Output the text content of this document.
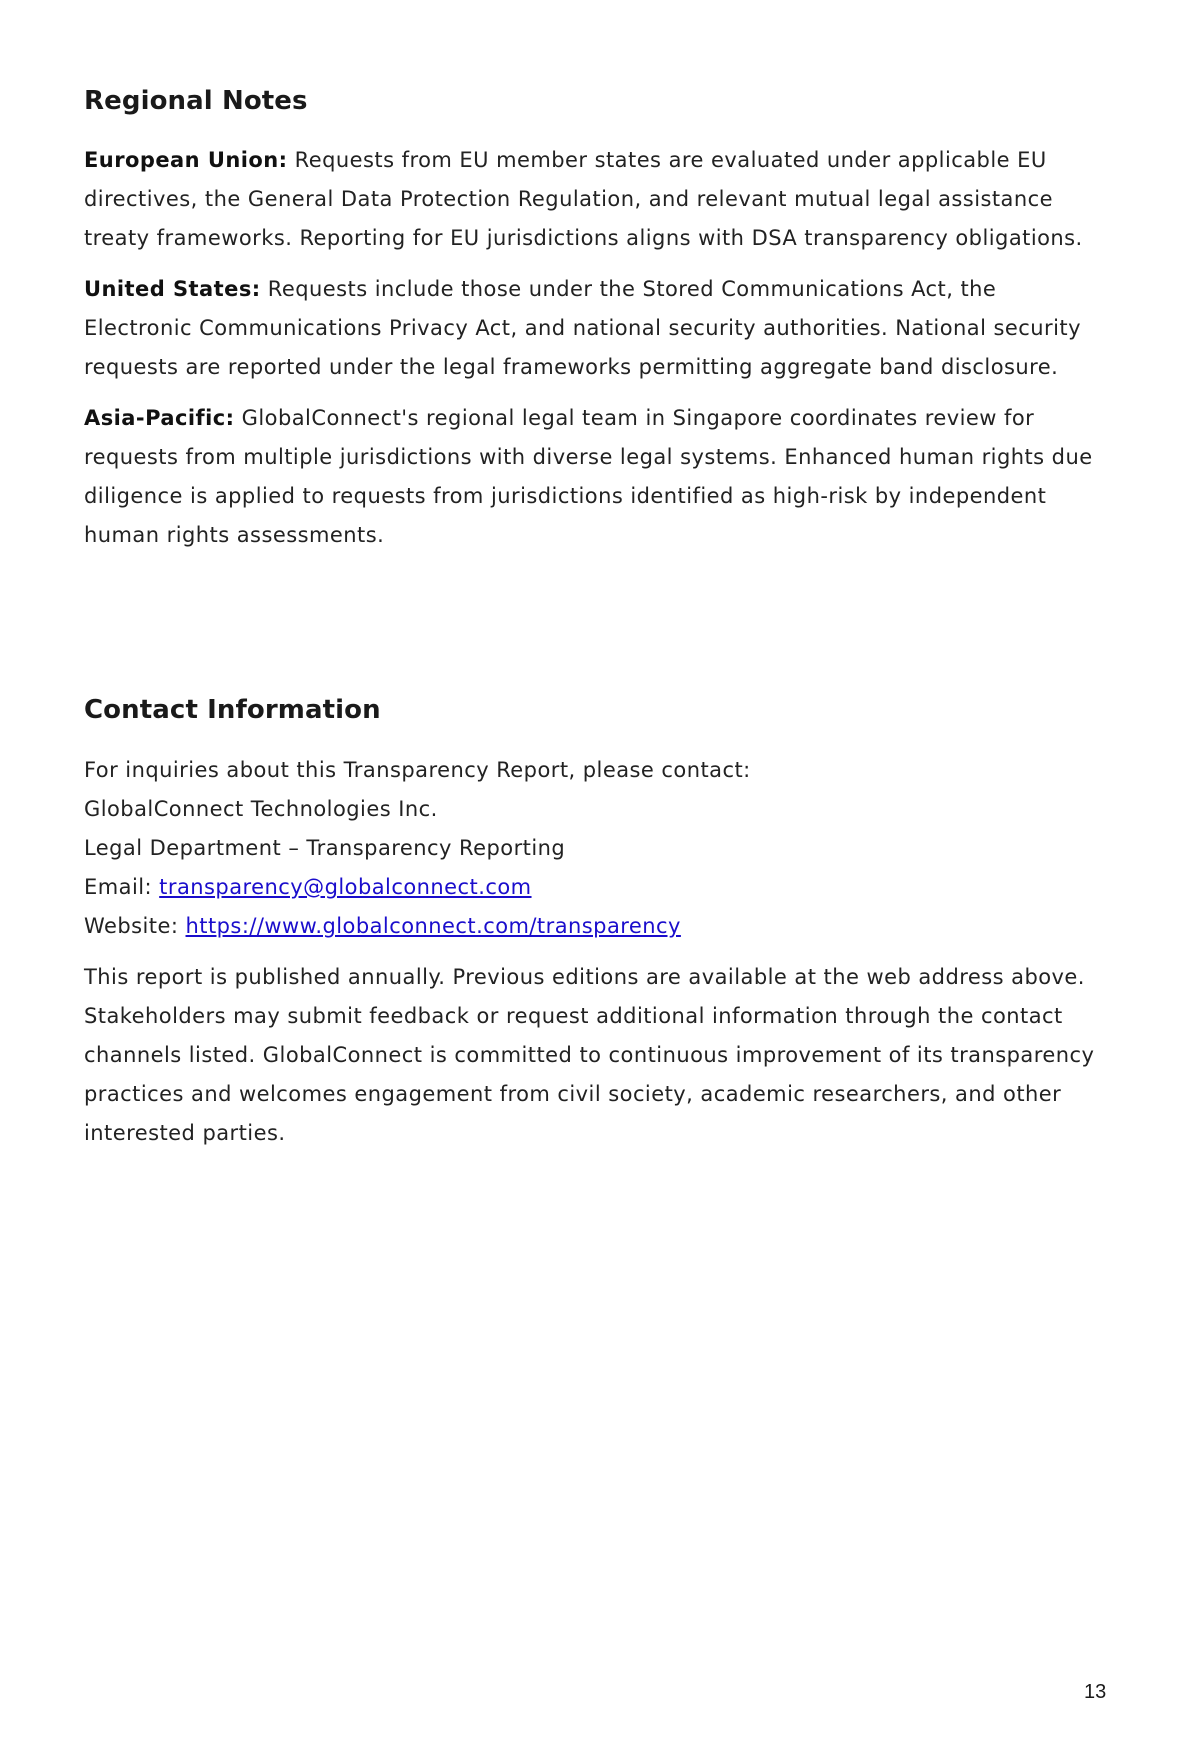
Regional Notes

European Union: Requests from EU member states are evaluated under applicable EU directives, the General Data Protection Regulation, and relevant mutual legal assistance treaty frameworks. Reporting for EU jurisdictions aligns with DSA transparency obligations.

United States: Requests include those under the Stored Communications Act, the Electronic Communications Privacy Act, and national security authorities. National security requests are reported under the legal frameworks permitting aggregate band disclosure.

Asia-Pacific: GlobalConnect's regional legal team in Singapore coordinates review for requests from multiple jurisdictions with diverse legal systems. Enhanced human rights due diligence is applied to requests from jurisdictions identified as high-risk by independent human rights assessments.

Contact Information

For inquiries about this Transparency Report, please contact:

GlobalConnect Technologies Inc.

Legal Department – Transparency Reporting

Email: transparency@globalconnect.com

Website: https://www.globalconnect.com/transparency

This report is published annually. Previous editions are available at the web address above. Stakeholders may submit feedback or request additional information through the contact channels listed. GlobalConnect is committed to continuous improvement of its transparency practices and welcomes engagement from civil society, academic researchers, and other interested parties.

13
